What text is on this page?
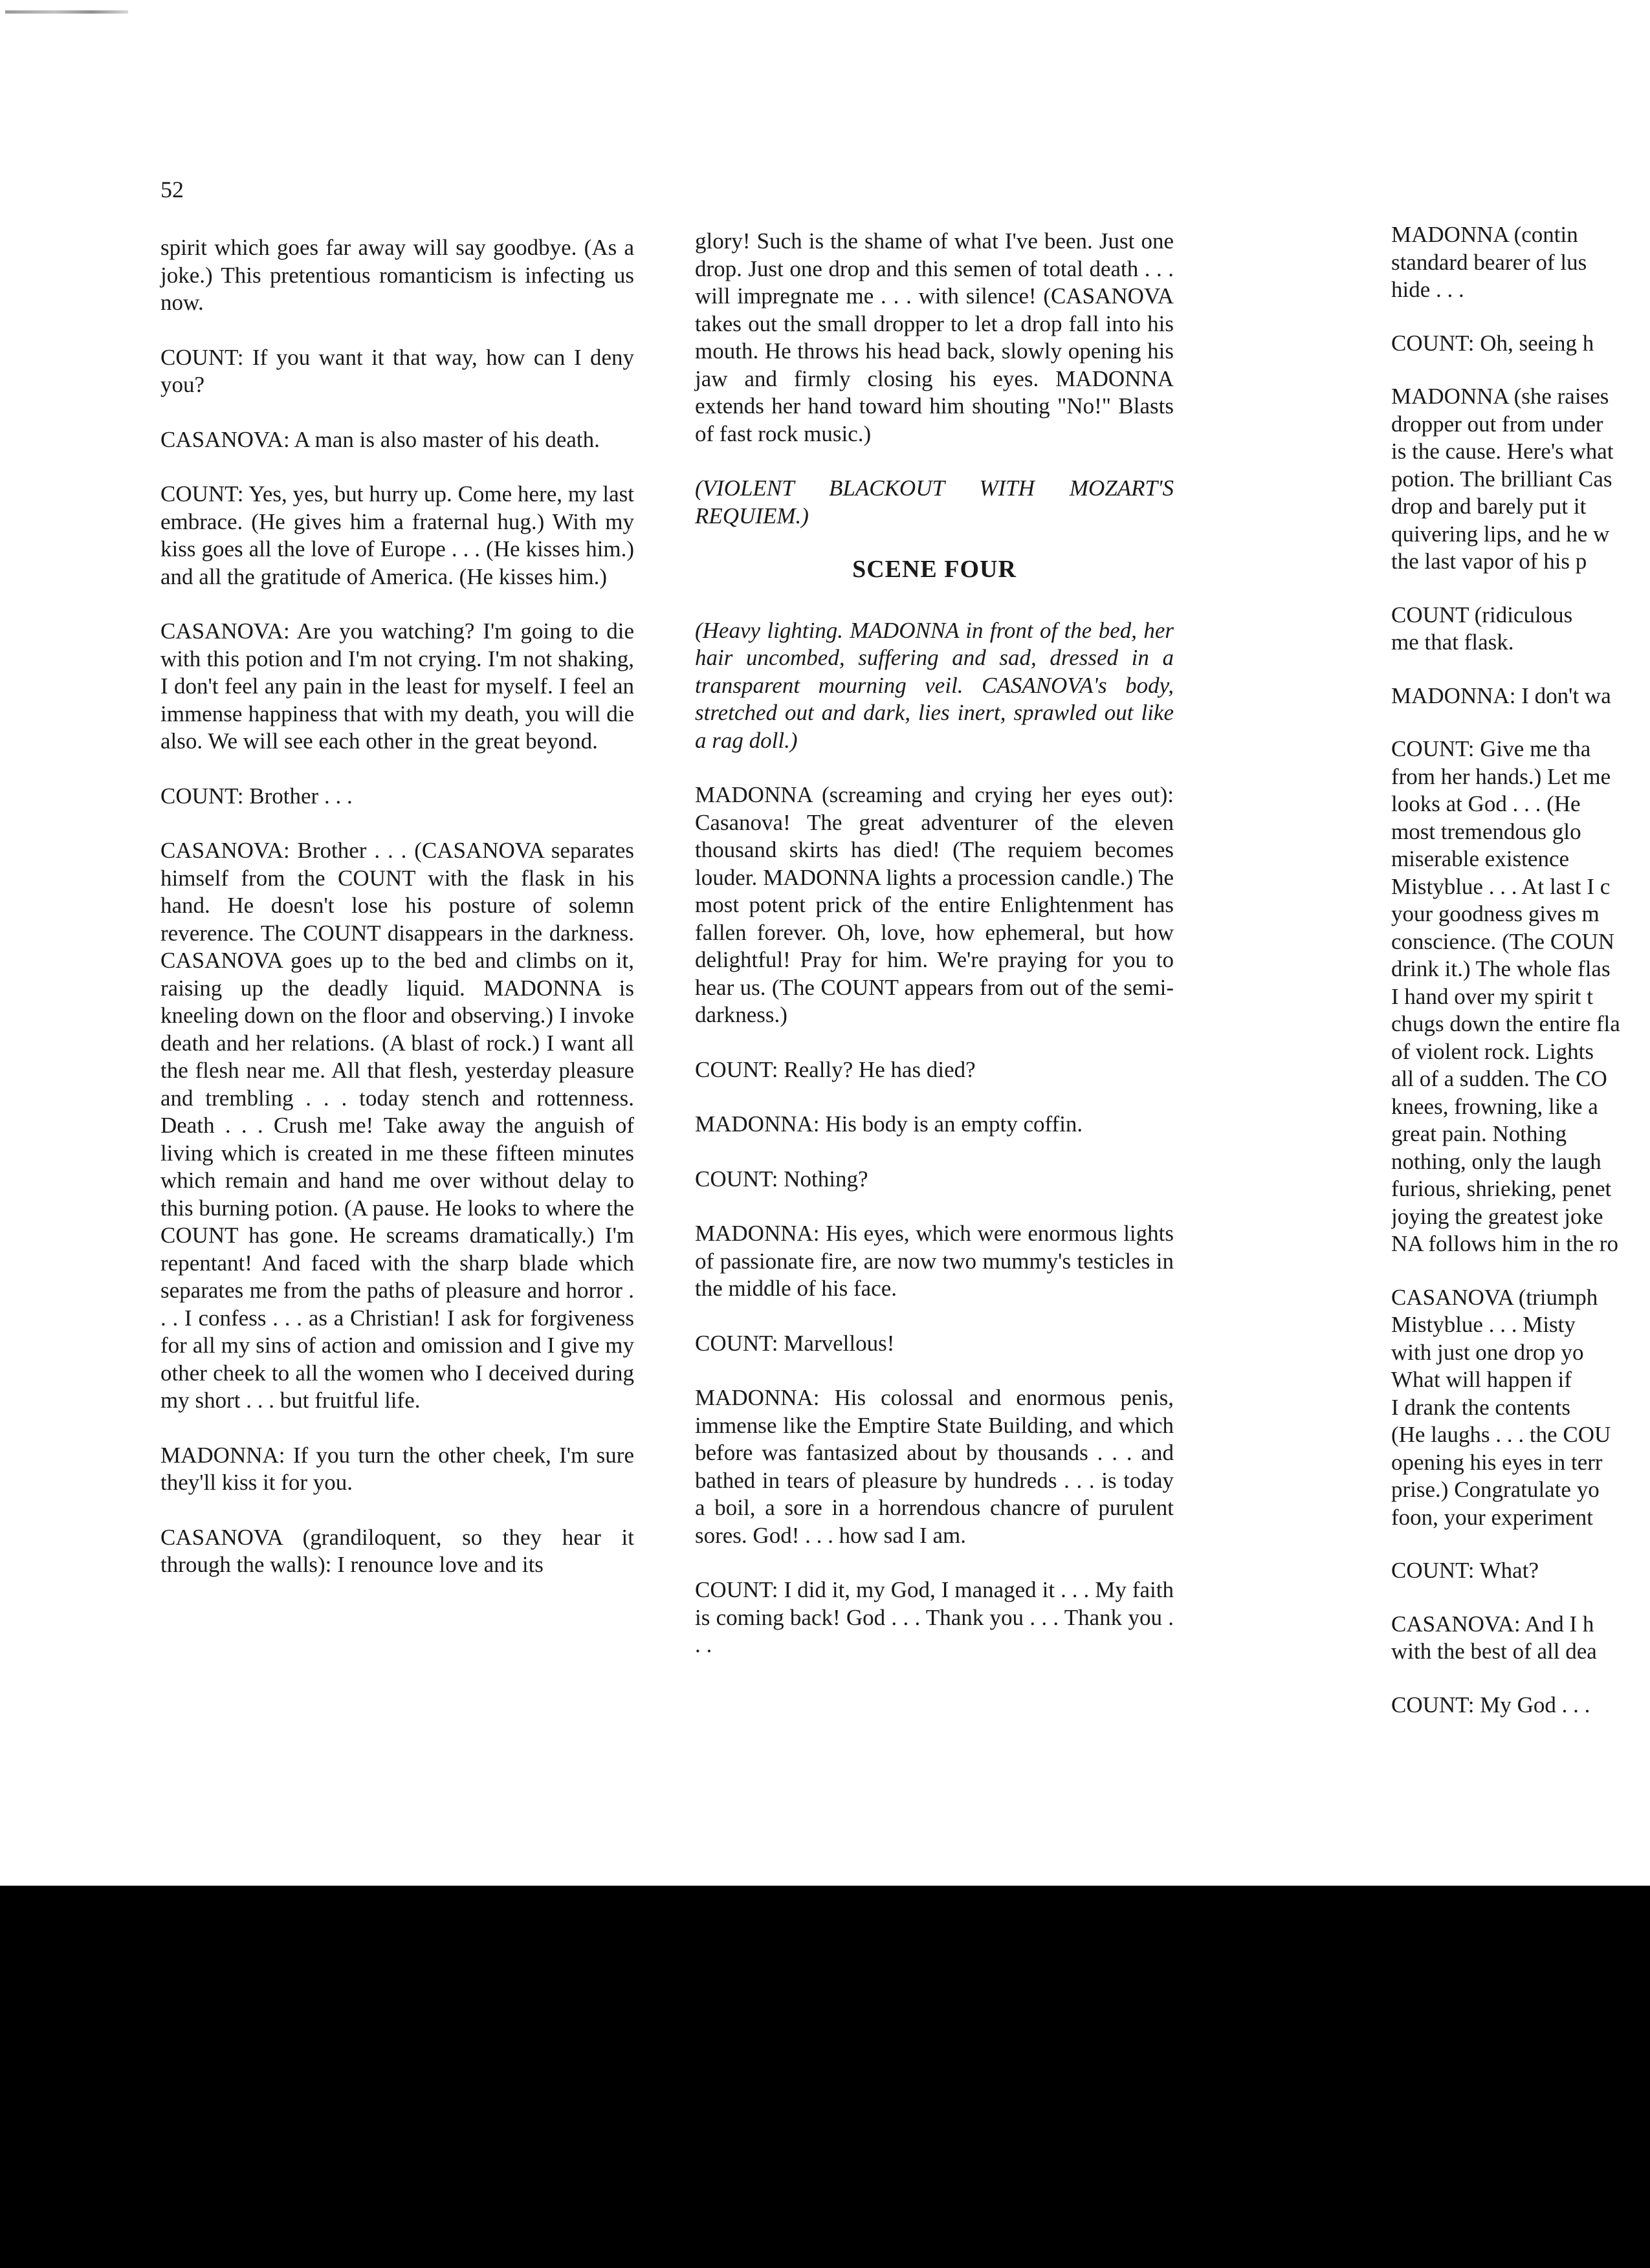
52

spirit which goes far away will say goodbye. (As a joke.) This pretentious romanticism is infecting us now.

COUNT: If you want it that way, how can I deny you?

CASANOVA: A man is also master of his death.

COUNT: Yes, yes, but hurry up. Come here, my last embrace. (He gives him a fraternal hug.) With my kiss goes all the love of Europe . . . (He kisses him.) and all the gratitude of America. (He kisses him.)

CASANOVA: Are you watching? I'm going to die with this potion and I'm not crying. I'm not shaking, I don't feel any pain in the least for myself. I feel an immense happiness that with my death, you will die also. We will see each other in the great beyond.

COUNT: Brother . . .

CASANOVA: Brother . . . (CASANOVA separates himself from the COUNT with the flask in his hand. He doesn't lose his posture of solemn reverence. The COUNT disappears in the darkness. CASANOVA goes up to the bed and climbs on it, raising up the deadly liquid. MADONNA is kneeling down on the floor and observing.) I invoke death and her relations. (A blast of rock.) I want all the flesh near me. All that flesh, yesterday pleasure and trembling . . . today stench and rottenness. Death . . . Crush me! Take away the anguish of living which is created in me these fifteen minutes which remain and hand me over without delay to this burning potion. (A pause. He looks to where the COUNT has gone. He screams dramatically.) I'm repentant! And faced with the sharp blade which separates me from the paths of pleasure and horror . . . I confess . . . as a Christian! I ask for forgiveness for all my sins of action and omission and I give my other cheek to all the women who I deceived during my short . . . but fruitful life.

MADONNA: If you turn the other cheek, I'm sure they'll kiss it for you.

CASANOVA (grandiloquent, so they hear it through the walls): I renounce love and its

glory! Such is the shame of what I've been. Just one drop. Just one drop and this semen of total death . . . will impregnate me . . . with silence! (CASANOVA takes out the small dropper to let a drop fall into his mouth. He throws his head back, slowly opening his jaw and firmly closing his eyes. MADONNA extends her hand toward him shouting "No!" Blasts of fast rock music.)

(VIOLENT BLACKOUT WITH MOZART'S REQUIEM.)

SCENE FOUR

(Heavy lighting. MADONNA in front of the bed, her hair uncombed, suffering and sad, dressed in a transparent mourning veil. CASANOVA's body, stretched out and dark, lies inert, sprawled out like a rag doll.)

MADONNA (screaming and crying her eyes out): Casanova! The great adventurer of the eleven thousand skirts has died! (The requiem becomes louder. MADONNA lights a procession candle.) The most potent prick of the entire Enlightenment has fallen forever. Oh, love, how ephemeral, but how delightful! Pray for him. We're praying for you to hear us. (The COUNT appears from out of the semi-darkness.)

COUNT: Really? He has died?

MADONNA: His body is an empty coffin.

COUNT: Nothing?

MADONNA: His eyes, which were enormous lights of passionate fire, are now two mummy's testicles in the middle of his face.

COUNT: Marvellous!

MADONNA: His colossal and enormous penis, immense like the Emptire State Building, and which before was fantasized about by thousands . . . and bathed in tears of pleasure by hundreds . . . is today a boil, a sore in a horrendous chancre of purulent sores. God! . . . how sad I am.

COUNT: I did it, my God, I managed it . . . My faith is coming back! God . . . Thank you . . . Thank you . . .

MADONNA (contin
standard bearer of lus
hide . . .

COUNT: Oh, seeing h

MADONNA (she raises
dropper out from under
is the cause. Here's what
potion. The brilliant Cas
drop and barely put it
quivering lips, and he w
the last vapor of his p

COUNT (ridiculous
me that flask.

MADONNA: I don't wa

COUNT: Give me tha
from her hands.) Let me
looks at God . . . (He
most tremendous glo
miserable existence
Mistyblue . . . At last I c
your goodness gives m
conscience. (The COUN
drink it.) The whole flas
I hand over my spirit t
chugs down the entire fla
of violent rock. Lights
all of a sudden. The CO
knees, frowning, like a
great pain. Nothing
nothing, only the laugh
furious, shrieking, penet
joying the greatest joke
NA follows him in the ro

CASANOVA (triumph
Mistyblue . . . Misty
with just one drop yo
What will happen if
I drank the contents
(He laughs . . . the COU
opening his eyes in terr
prise.) Congratulate yo
foon, your experiment

COUNT: What?

CASANOVA: And I h
with the best of all dea

COUNT: My God . . .
